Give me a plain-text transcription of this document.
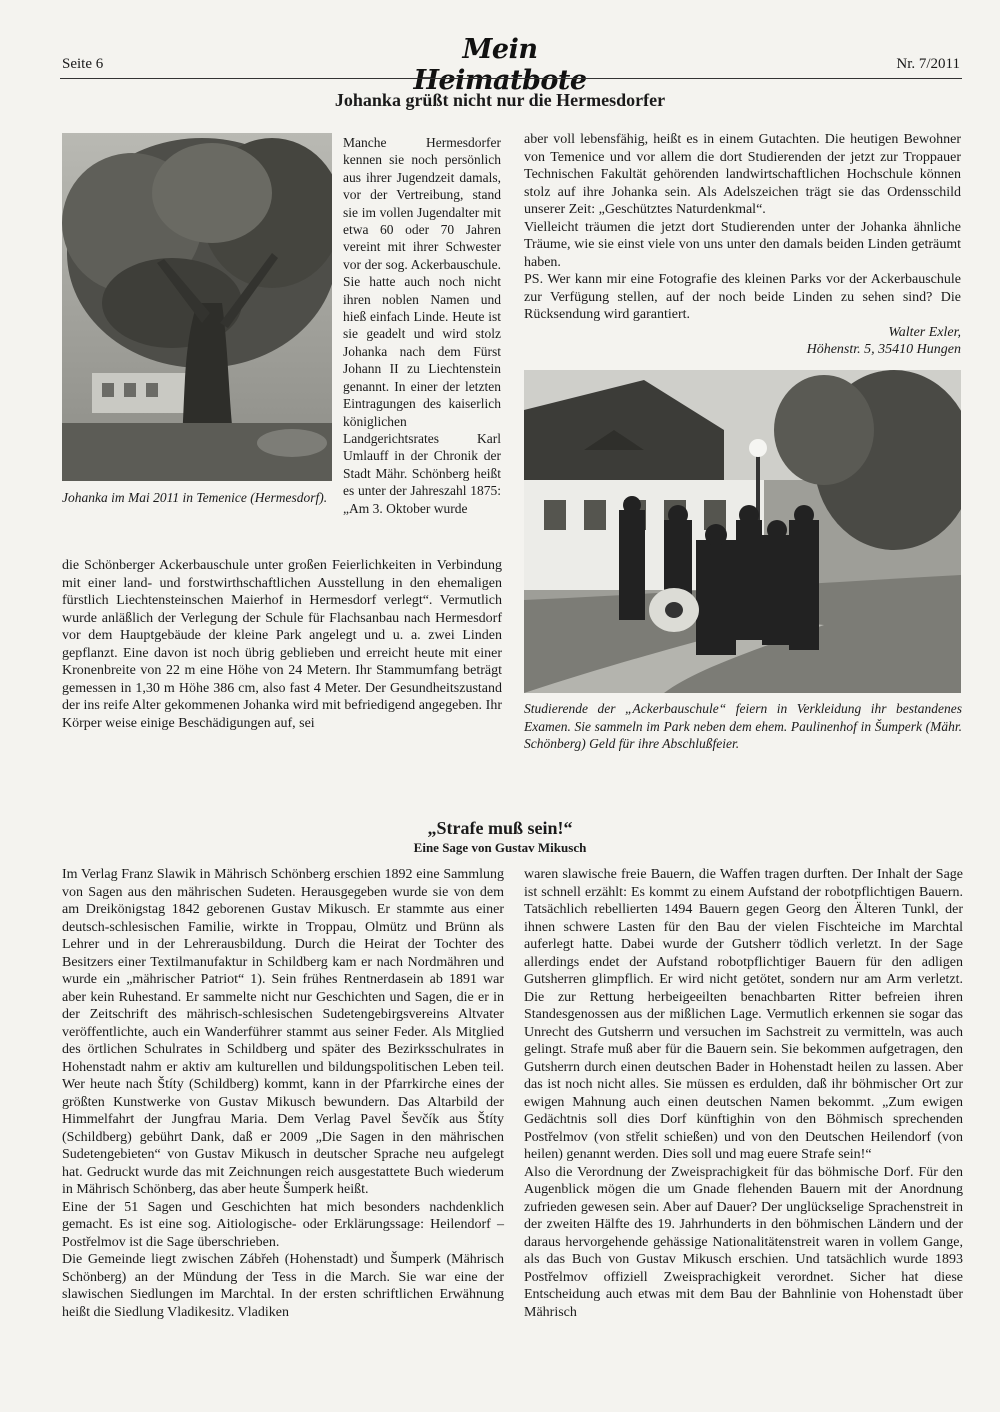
Seite 6	Mein Heimatbote
Nr. 7/2011
Johanka grüßt nicht nur die Hermesdorfer
Johanka im Mai 2011 in Temenice (Hermesdorf).

Manche Hermesdorfer kennen sie noch persönlich aus ihrer Jugendzeit damals, vor der Vertreibung, stand sie im vollen Jugendalter mit etwa 60 oder 70 Jahren vereint mit ihrer Schwester vor der sog. Ackerbauschule. Sie hatte auch noch nicht ihren noblen Namen und hieß einfach Linde. Heute ist sie geadelt und wird stolz Johanka nach dem Fürst Johann II zu Liechtenstein genannt. In einer der letzten Eintragungen des kaiserlich königlichen Landgerichtsrates Karl Umlauff in der Chronik der Stadt Mähr. Schönberg heißt es unter der Jahreszahl 1875: „Am 3. Oktober wurde

die Schönberger Ackerbauschule unter großen Feierlichkeiten in Verbindung mit einer land- und forstwirthschaftlichen Ausstellung in den ehemaligen fürstlich Liechtensteinschen Maierhof in Hermesdorf verlegt“. Vermutlich wurde anläßlich der Verlegung der Schule für Flachsanbau nach Hermesdorf vor dem Hauptgebäude der kleine Park angelegt und u. a. zwei Linden gepflanzt. Eine davon ist noch übrig geblieben und erreicht heute mit einer Kronenbreite von 22 m eine Höhe von 24 Metern. Ihr Stammumfang beträgt gemessen in 1,30 m Höhe 386 cm, also fast 4 Meter. Der Gesundheitszustand der ins reife Alter gekommenen Johanka wird mit befriedigend angegeben. Ihr Körper weise einige Beschädigungen auf, sei

aber voll lebensfähig, heißt es in einem Gutachten. Die heutigen Bewohner von Temenice und vor allem die dort Studierenden der jetzt zur Troppauer Technischen Fakultät gehörenden landwirtschaftlichen Hochschule können stolz auf ihre Johanka sein. Als Adelszeichen trägt sie das Ordensschild unserer Zeit: „Geschütztes Naturdenkmal“.

Vielleicht träumen die jetzt dort Studierenden unter der Johanka ähnliche Träume, wie sie einst viele von uns unter den damals beiden Linden geträumt haben.

PS. Wer kann mir eine Fotografie des kleinen Parks vor der Ackerbauschule zur Verfügung stellen, auf der noch beide Linden zu sehen sind? Die Rücksendung wird garantiert.

Walter Exler,

Höhenstr. 5, 35410 Hungen

Studierende der „Ackerbauschule“ feiern in Verkleidung ihr bestandenes Examen. Sie sammeln im Park neben dem ehem. Paulinenhof in Šumperk (Mähr. Schönberg) Geld für ihre Abschlußfeier.
„Strafe muß sein!“
Eine Sage von Gustav Mikusch

Im Verlag Franz Slawik in Mährisch Schönberg erschien 1892 eine Sammlung von Sagen aus den mährischen Sudeten. Herausgegeben wurde sie von dem am Dreikönigstag 1842 geborenen Gustav Mikusch. Er stammte aus einer deutsch-schlesischen Familie, wirkte in Troppau, Olmütz und Brünn als Lehrer und in der Lehrerausbildung. Durch die Heirat der Tochter des Besitzers einer Textilmanufaktur in Schildberg kam er nach Nordmähren und wurde ein „mährischer Patriot“ 1). Sein frühes Rentnerdasein ab 1891 war aber kein Ruhestand. Er sammelte nicht nur Geschichten und Sagen, die er in der Zeitschrift des mährisch-schlesischen Sudetengebirgsvereins Altvater veröffentlichte, auch ein Wanderführer stammt aus seiner Feder. Als Mitglied des örtlichen Schulrates in Schildberg und später des Bezirksschulrates in Hohenstadt nahm er aktiv am kulturellen und bildungspolitischen Leben teil. Wer heute nach Štíty (Schildberg) kommt, kann in der Pfarrkirche eines der größten Kunstwerke von Gustav Mikusch bewundern. Das Altarbild der Himmelfahrt der Jungfrau Maria. Dem Verlag Pavel Ševčík aus Štíty (Schildberg) gebührt Dank, daß er 2009 „Die Sagen in den mährischen Sudetengebieten“ von Gustav Mikusch in deutscher Sprache neu aufgelegt hat. Gedruckt wurde das mit Zeichnungen reich ausgestattete Buch wiederum in Mährisch Schönberg, das aber heute Šumperk heißt.

Eine der 51 Sagen und Geschichten hat mich besonders nachdenklich gemacht. Es ist eine sog. Aitiologische- oder Erklärungssage: Heilendorf – Postřelmov ist die Sage überschrieben.

Die Gemeinde liegt zwischen Zábřeh (Hohenstadt) und Šumperk (Mährisch Schönberg) an der Mündung der Tess in die March. Sie war eine der slawischen Siedlungen im Marchtal. In der ersten schriftlichen Erwähnung heißt die Siedlung Vladikesitz. Vladiken

waren slawische freie Bauern, die Waffen tragen durften. Der Inhalt der Sage ist schnell erzählt: Es kommt zu einem Aufstand der robotpflichtigen Bauern. Tatsächlich rebellierten 1494 Bauern gegen Georg den Älteren Tunkl, der ihnen schwere Lasten für den Bau der vielen Fischteiche im Marchtal auferlegt hatte. Dabei wurde der Gutsherr tödlich verletzt. In der Sage allerdings endet der Aufstand robotpflichtiger Bauern für den adligen Gutsherren glimpflich. Er wird nicht getötet, sondern nur am Arm verletzt. Die zur Rettung herbeigeeilten benachbarten Ritter befreien ihren Standesgenossen aus der mißlichen Lage. Vermutlich erkennen sie sogar das Unrecht des Gutsherrn und versuchen im Sachstreit zu vermitteln, was auch gelingt. Strafe muß aber für die Bauern sein. Sie bekommen aufgetragen, den Gutsherrn durch einen deutschen Bader in Hohenstadt heilen zu lassen. Aber das ist noch nicht alles. Sie müssen es erdulden, daß ihr böhmischer Ort zur ewigen Mahnung auch einen deutschen Namen bekommt. „Zum ewigen Gedächtnis soll dies Dorf künftighin von den Böhmisch sprechenden Postřelmov (von střelit schießen) und von den Deutschen Heilendorf (von heilen) genannt werden. Dies soll und mag euere Strafe sein!“

Also die Verordnung der Zweisprachigkeit für das böhmische Dorf. Für den Augenblick mögen die um Gnade flehenden Bauern mit der Anordnung zufrieden gewesen sein. Aber auf Dauer? Der unglückselige Sprachenstreit in der zweiten Hälfte des 19. Jahrhunderts in den böhmischen Ländern und der daraus hervorgehende gehässige Nationalitätenstreit waren in vollem Gange, als das Buch von Gustav Mikusch erschien. Und tatsächlich wurde 1893 Postřelmov offiziell Zweisprachigkeit verordnet. Sicher hat diese Entscheidung auch etwas mit dem Bau der Bahnlinie von Hohenstadt über Mährisch
